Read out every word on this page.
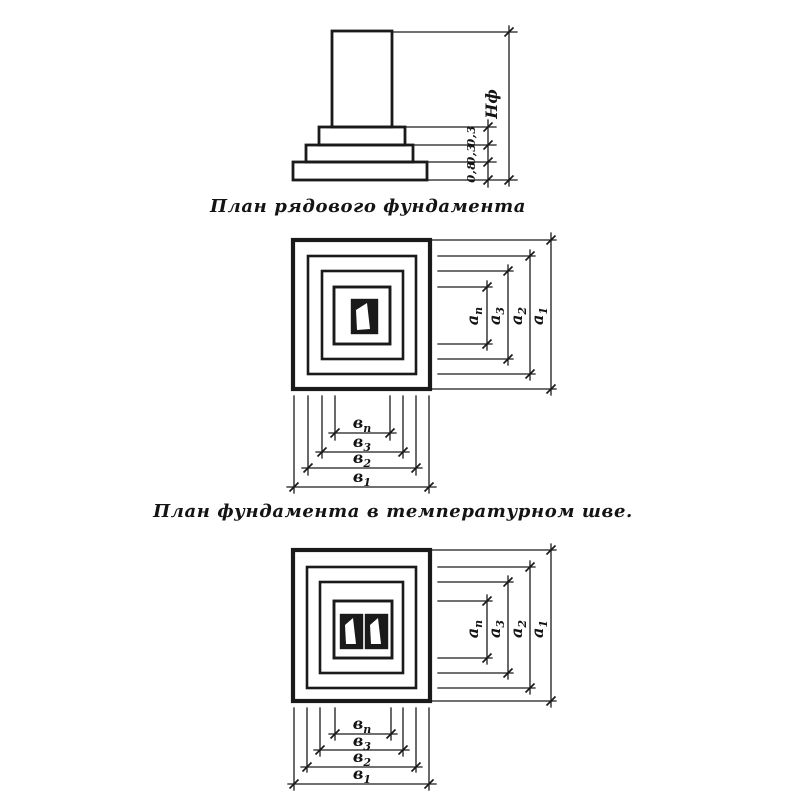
0,3
0,3
0,8
Нф
План рядового фундамента
$а_п$
$а_3$
$а_2$
$а_1$
$в_п$
$в_3$
$в_2$
$в_1$
План фундамента в температурном шве.
$а_п$
$а_3$
$а_2$
$а_1$
$в_п$
$в_3$
$в_2$
$в_1$
